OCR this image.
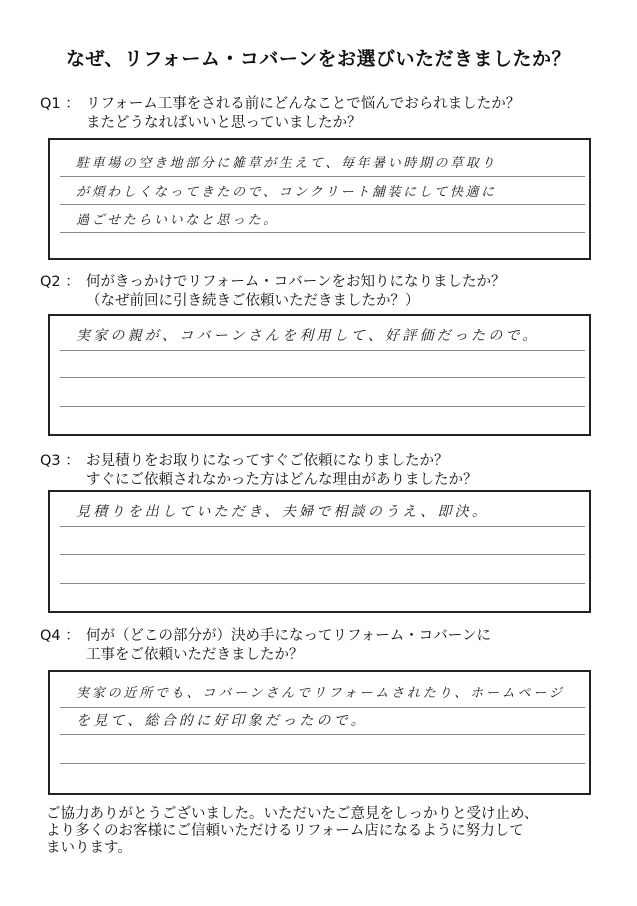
なぜ、リフォーム・コバーンをお選びいただきましたか？
Q1 ： リフォーム工事をされる前にどんなことで悩んでおられましたか？
またどうなればいいと思っていましたか？
駐車場の空き地部分に雑草が生えて、毎年暑い時期の草取り
が煩わしくなってきたので、コンクリート舗装にして快適に
過ごせたらいいなと思った。
Q2 ： 何がきっかけでリフォーム・コバーンをお知りになりましたか？
（なぜ前回に引き続きご依頼いただきましたか？）
実家の親が、コバーンさんを利用して、好評価だったので。
Q3 ： お見積りをお取りになってすぐご依頼になりましたか？
すぐにご依頼されなかった方はどんな理由がありましたか？
見積りを出していただき、夫婦で相談のうえ、即決。
Q4 ： 何が（どこの部分が）決め手になってリフォーム・コバーンに
工事をご依頼いただきましたか？
実家の近所でも、コバーンさんでリフォームされたり、ホームページ
を見て、総合的に好印象だったので。
ご協力ありがとうございました。いただいたご意見をしっかりと受け止め、
より多くのお客様にご信頼いただけるリフォーム店になるように努力して
まいります。
